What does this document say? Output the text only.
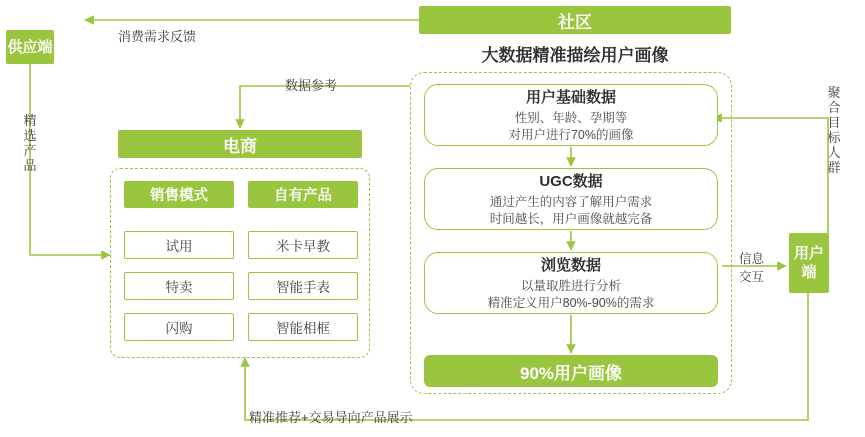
供应端
精选产品
消费需求反馈
数据参考
社区
大数据精准描绘用户画像
用户基础数据
性别、年龄、孕期等
对用户进行70%的画像
UGC数据
通过产生的内容了解用户需求
时间越长，用户画像就越完备
浏览数据
以量取胜进行分析
精准定义用户80%-90%的需求
90%用户画像
电商
销售模式
试用
特卖
闪购
自有产品
米卡早教
智能手表
智能相框
用户端
聚合目标人群
信息
交互
精准推荐+交易导向产品展示
